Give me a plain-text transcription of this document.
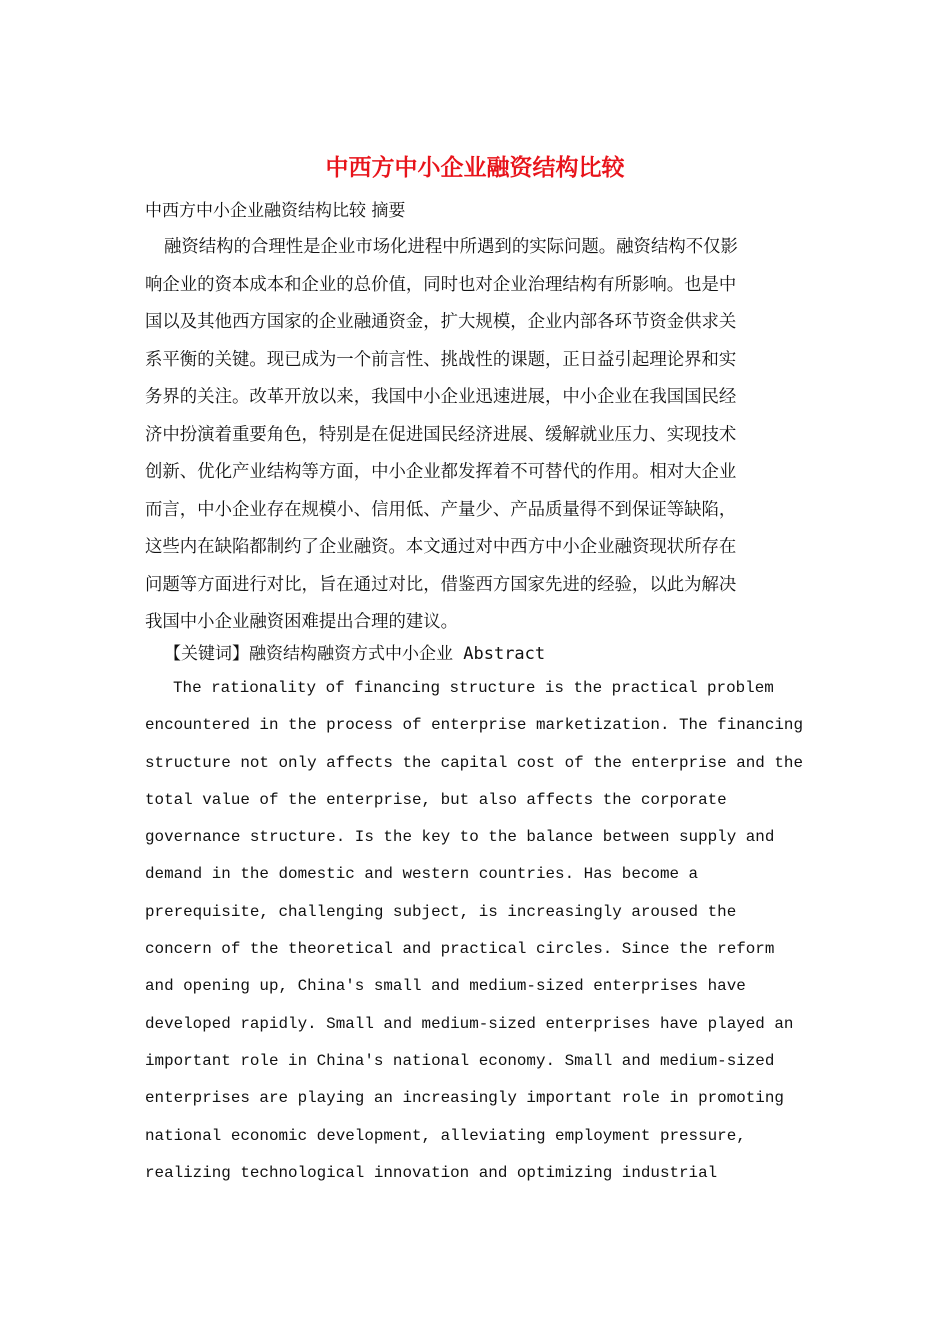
中西方中小企业融资结构比较
中西方中小企业融资结构比较 摘要
融资结构的合理性是企业市场化进程中所遇到的实际问题。融资结构不仅影
响企业的资本成本和企业的总价值，同时也对企业治理结构有所影响。也是中
国以及其他西方国家的企业融通资金，扩大规模，企业内部各环节资金供求关
系平衡的关键。现已成为一个前言性、挑战性的课题，正日益引起理论界和实
务界的关注。改革开放以来，我国中小企业迅速进展，中小企业在我国国民经
济中扮演着重要角色，特别是在促进国民经济进展、缓解就业压力、实现技术
创新、优化产业结构等方面，中小企业都发挥着不可替代的作用。相对大企业
而言，中小企业存在规模小、信用低、产量少、产品质量得不到保证等缺陷，
这些内在缺陷都制约了企业融资。本文通过对中西方中小企业融资现状所存在
问题等方面进行对比，旨在通过对比，借鉴西方国家先进的经验，以此为解决
我国中小企业融资困难提出合理的建议。
【关键词】融资结构融资方式中小企业 Abstract
The rationality of financing structure is the practical problem
encountered in the process of enterprise marketization. The financing
structure not only affects the capital cost of the enterprise and the
total value of the enterprise, but also affects the corporate
governance structure. Is the key to the balance between supply and
demand in the domestic and western countries. Has become a
prerequisite, challenging subject, is increasingly aroused the
concern of the theoretical and practical circles. Since the reform
and opening up, China's small and medium-sized enterprises have
developed rapidly. Small and medium-sized enterprises have played an
important role in China's national economy. Small and medium-sized
enterprises are playing an increasingly important role in promoting
national economic development, alleviating employment pressure,
realizing technological innovation and optimizing industrial
